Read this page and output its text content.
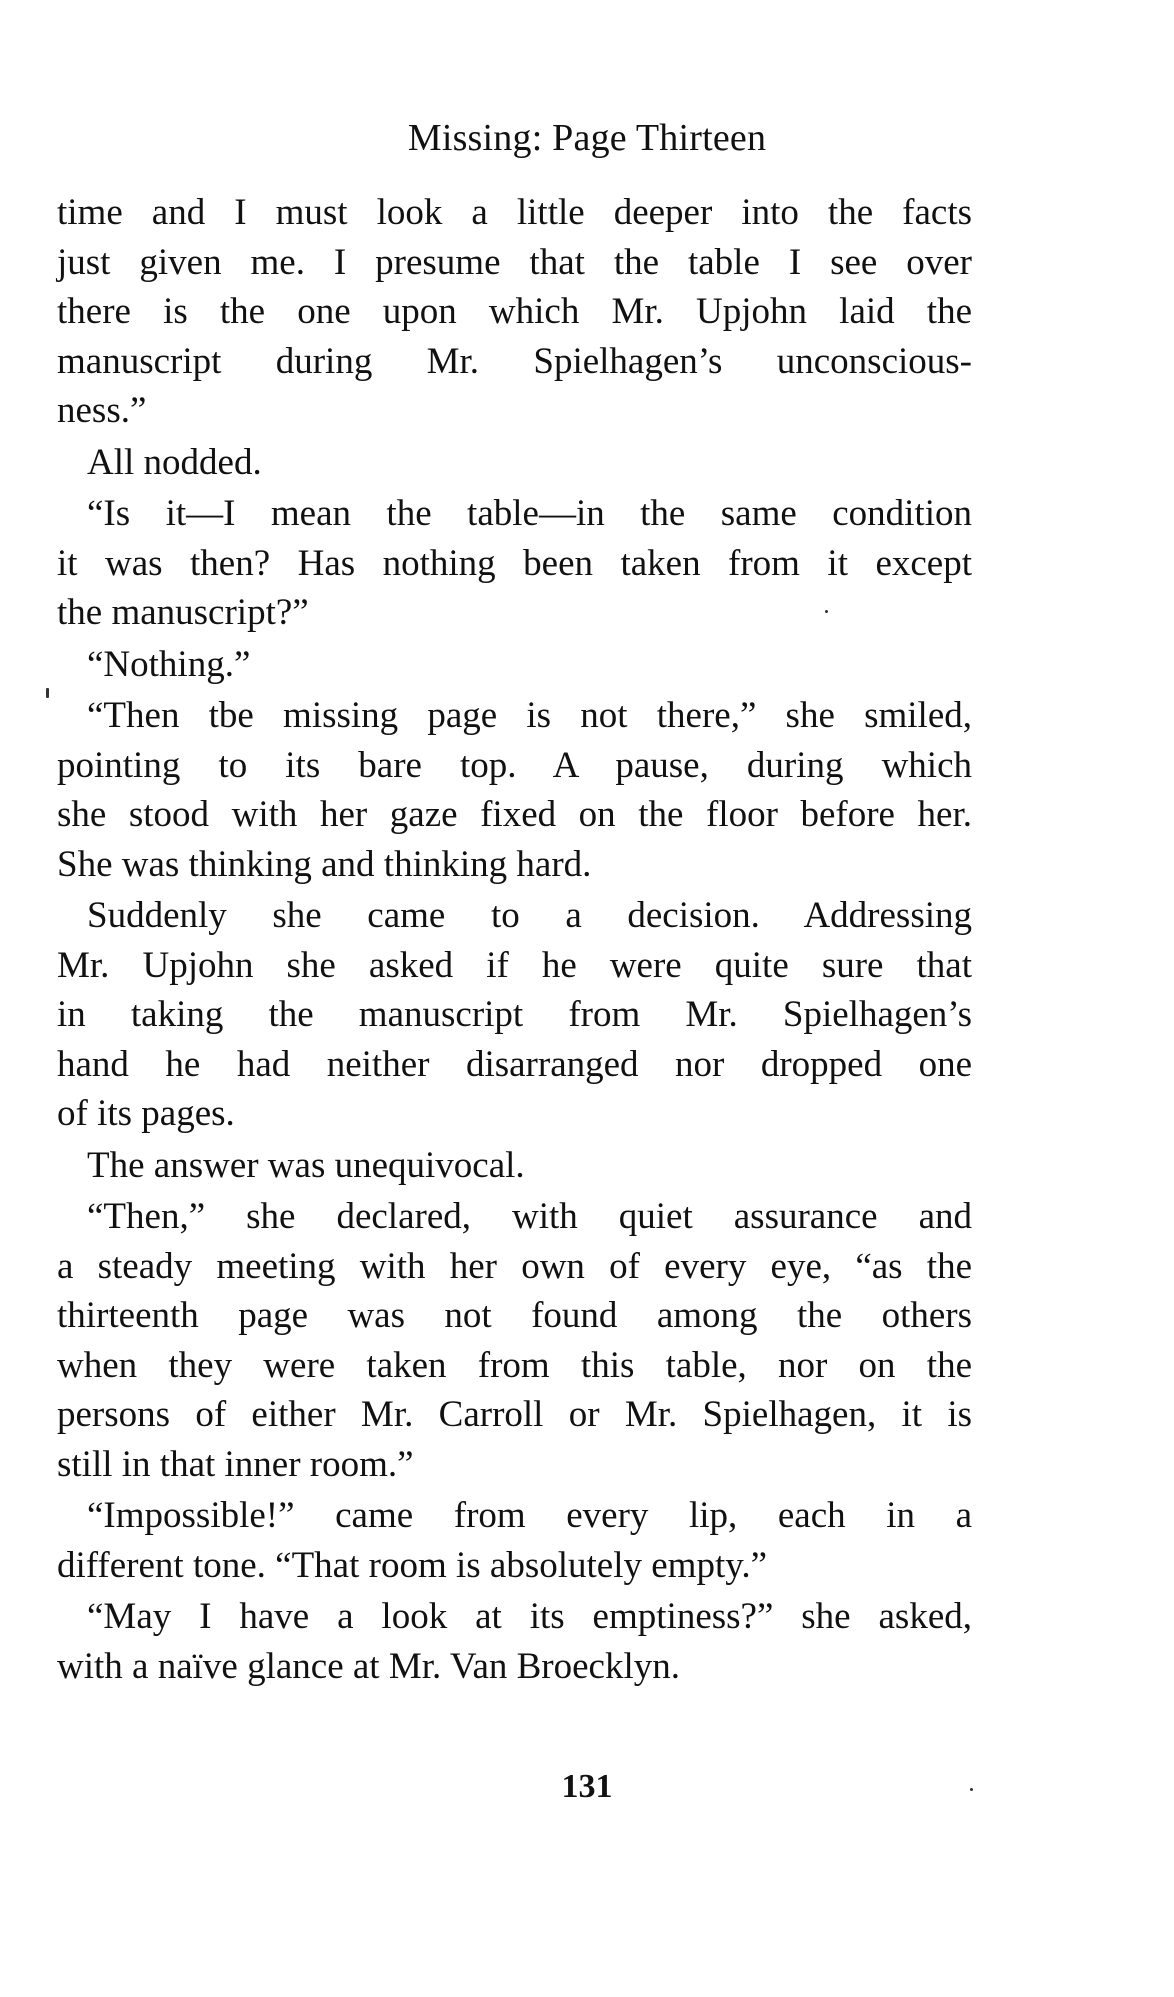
Missing: Page Thirteen
time and I must look a little deeper into the facts
just given me. I presume that the table I see over
there is the one upon which Mr. Upjohn laid the
manuscript during Mr. Spielhagen’s unconscious-
ness.”
All nodded.
“Is it—I mean the table—in the same condition
it was then? Has nothing been taken from it except
the manuscript?”
“Nothing.”
“Then tbe missing page is not there,” she smiled,
pointing to its bare top. A pause, during which
she stood with her gaze fixed on the floor before her.
She was thinking and thinking hard.
Suddenly she came to a decision. Addressing
Mr. Upjohn she asked if he were quite sure that
in taking the manuscript from Mr. Spielhagen’s
hand he had neither disarranged nor dropped one
of its pages.
The answer was unequivocal.
“Then,” she declared, with quiet assurance and
a steady meeting with her own of every eye, “as the
thirteenth page was not found among the others
when they were taken from this table, nor on the
persons of either Mr. Carroll or Mr. Spielhagen, it is
still in that inner room.”
“Impossible!” came from every lip, each in a
different tone. “That room is absolutely empty.”
“May I have a look at its emptiness?” she asked,
with a naïve glance at Mr. Van Broecklyn.
131
